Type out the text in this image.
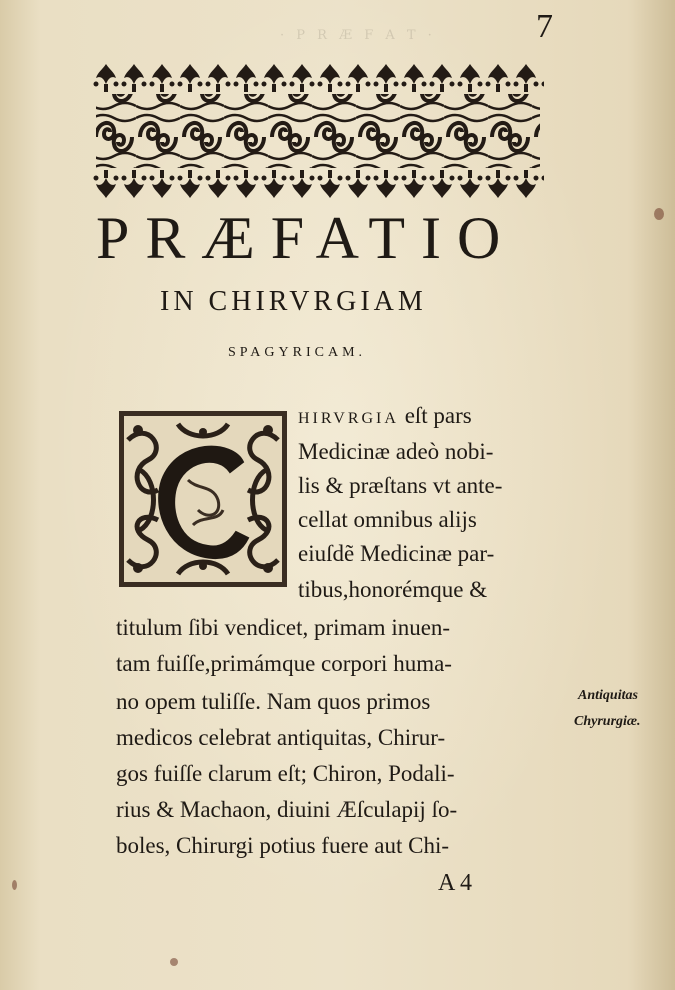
· P R Æ F A T ·	7
PRÆFATIO
IN CHIRVRGIAM
SPAGYRICAM.
HIRVRGIA eſt pars
Medicinæ adeò nobi-
lis & præſtans vt ante-
cellat omnibus alijs
eiuſdẽ Medicinæ par-
tibus,honorémque &
titulum ſibi vendicet, primam inuen-
tam fuiſſe,primámque corpori huma-
no opem tuliſſe. Nam quos primos
medicos celebrat antiquitas, Chirur-
gos fuiſſe clarum eſt; Chiron, Podali-
rius & Machaon, diuini Æſculapij ſo-
boles, Chirurgi potius fuere aut Chi-
Antiquitas
Chyrurgiæ.
A 4
